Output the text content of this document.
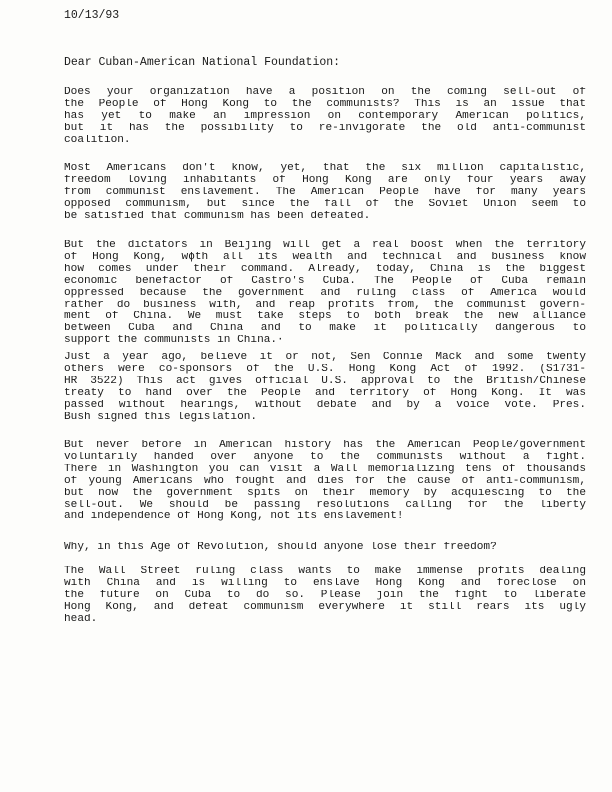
10/13/93
Dear Cuban-American National Foundation:
Does your organization have a position on the coming sell-out of
the People of Hong Kong to the communists? This is an issue that
has yet to make an impression on contemporary American politics,
but it has the possibility to re-invigorate the old anti-communist
coalition.
Most Americans don't know, yet, that the six million capitalistic,
freedom loving inhabitants of Hong Kong are only four years away
from communist enslavement. The American People have for many years
opposed communism, but since the fall of the Soviet Union seem to
be satisfied that communism has been defeated.
But the dictators in Beijing will get a real boost when the territory
of Hong Kong, wɸth all its wealth and technical and business know
how comes under their command. Already, today, China is the biggest
economic benefactor of Castro's Cuba. The People of Cuba remain
oppressed because the government and ruling class of America would
rather do business with, and reap profits from, the communist govern-
ment of China. We must take steps to both break the new alliance
between Cuba and China and to make it politically dangerous to
support the communists in China.·
Just a year ago, believe it or not, Sen Connie Mack and some twenty
others were co-sponsors of the U.S. Hong Kong Act of 1992. (S1731-
HR 3522) This act gives official U.S. approval to the British/Chinese
treaty to hand over the People and territory of Hong Kong. It was
passed without hearings, without debate and by a voice vote. Pres.
Bush signed this legislation.
But never before in American history has the American People/government
voluntarily handed over anyone to the communists without a fight.
There in Washington you can visit a Wall memorializing tens of thousands
of young Americans who fought and dies for the cause of anti-communism,
but now the government spits on their memory by acquiescing to the
sell-out. We should be passing resolutions calling for the liberty
and independence of Hong Kong, not its enslavement!
Why, in this Age of Revolution, should anyone lose their freedom?
The Wall Street ruling class wants to make immense profits dealing
with China and is willing to enslave Hong Kong and foreclose on
the future on Cuba to do so. Please join the fight to liberate
Hong Kong, and defeat communism everywhere it still rears its ugly
head.
